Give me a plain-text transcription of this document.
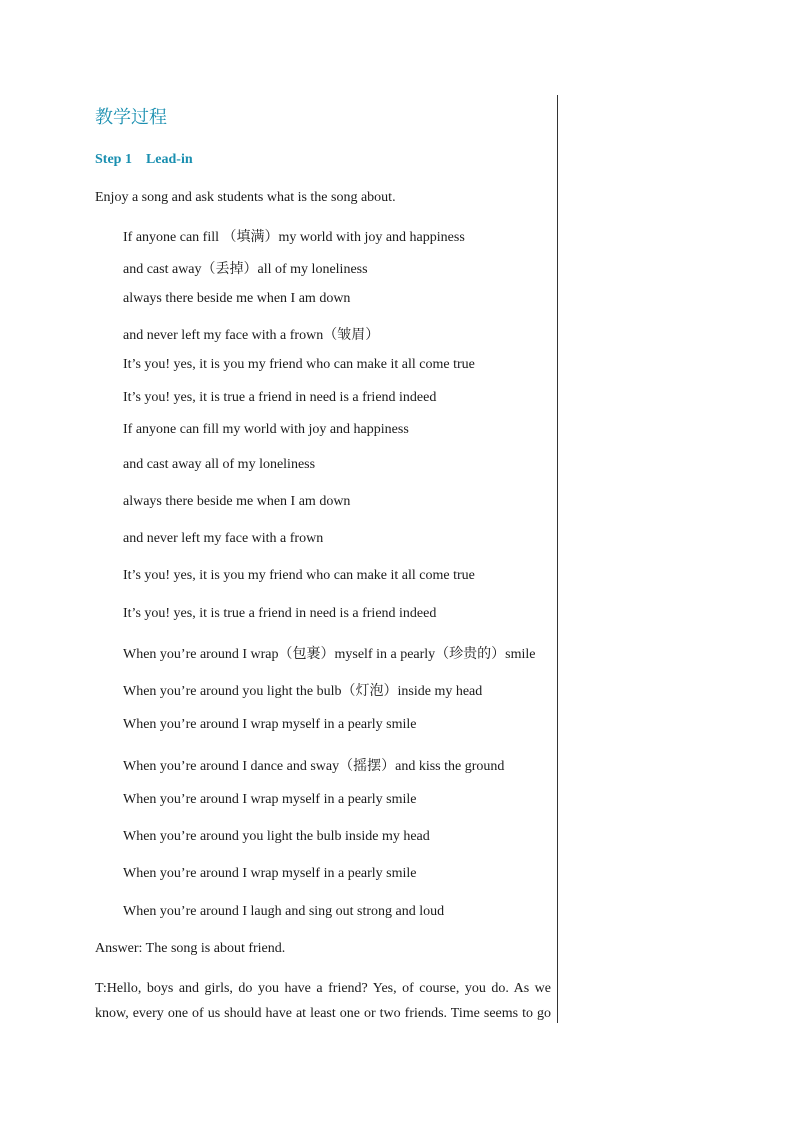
教学过程
Step 1 Lead-in
Enjoy a song and ask students what is the song about.
If anyone can fill （填满）my world with joy and happiness
and cast away（丢掉）all of my loneliness
always there beside me when I am down
and never left my face with a frown（皱眉）
It’s you! yes, it is you my friend who can make it all come true
It’s you! yes, it is true a friend in need is a friend indeed
If anyone can fill my world with joy and happiness
and cast away all of my loneliness
always there beside me when I am down
and never left my face with a frown
It’s you! yes, it is you my friend who can make it all come true
It’s you! yes, it is true a friend in need is a friend indeed
When you’re around I wrap（包裹）myself in a pearly（珍贵的）smile
When you’re around you light the bulb（灯泡）inside my head
When you’re around I wrap myself in a pearly smile
When you’re around I dance and sway（摇摆）and kiss the ground
When you’re around I wrap myself in a pearly smile
When you’re around you light the bulb inside my head
When you’re around I wrap myself in a pearly smile
When you’re around I laugh and sing out strong and loud
Answer: The song is about friend.
T:Hello, boys and girls, do you have a friend? Yes, of course, you do. As we
know, every one of us should have at least one or two friends. Time seems to go
